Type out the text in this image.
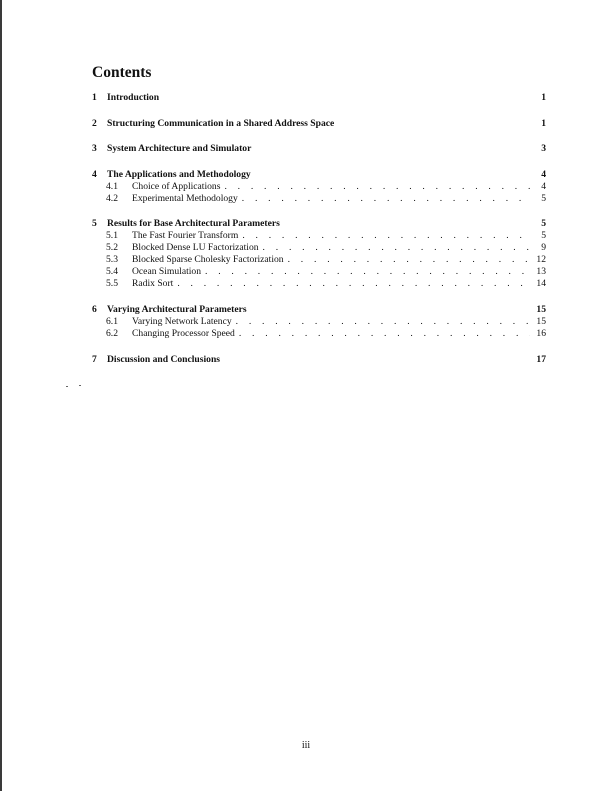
Contents
1	Introduction	1
2	Structuring Communication in a Shared Address Space	1
3	System Architecture and Simulator	3
4	The Applications and Methodology	4
4.1	Choice of Applications . . .	4
4.2	Experimental Methodology . . .	5
5	Results for Base Architectural Parameters	5
5.1	The Fast Fourier Transform . . .	5
5.2	Blocked Dense LU Factorization . . .	9
5.3	Blocked Sparse Cholesky Factorization . . .	12
5.4	Ocean Simulation . . .	13
5.5	Radix Sort . . .	14
6	Varying Architectural Parameters	15
6.1	Varying Network Latency . . .	15
6.2	Changing Processor Speed . . .	16
7	Discussion and Conclusions	17
iii
